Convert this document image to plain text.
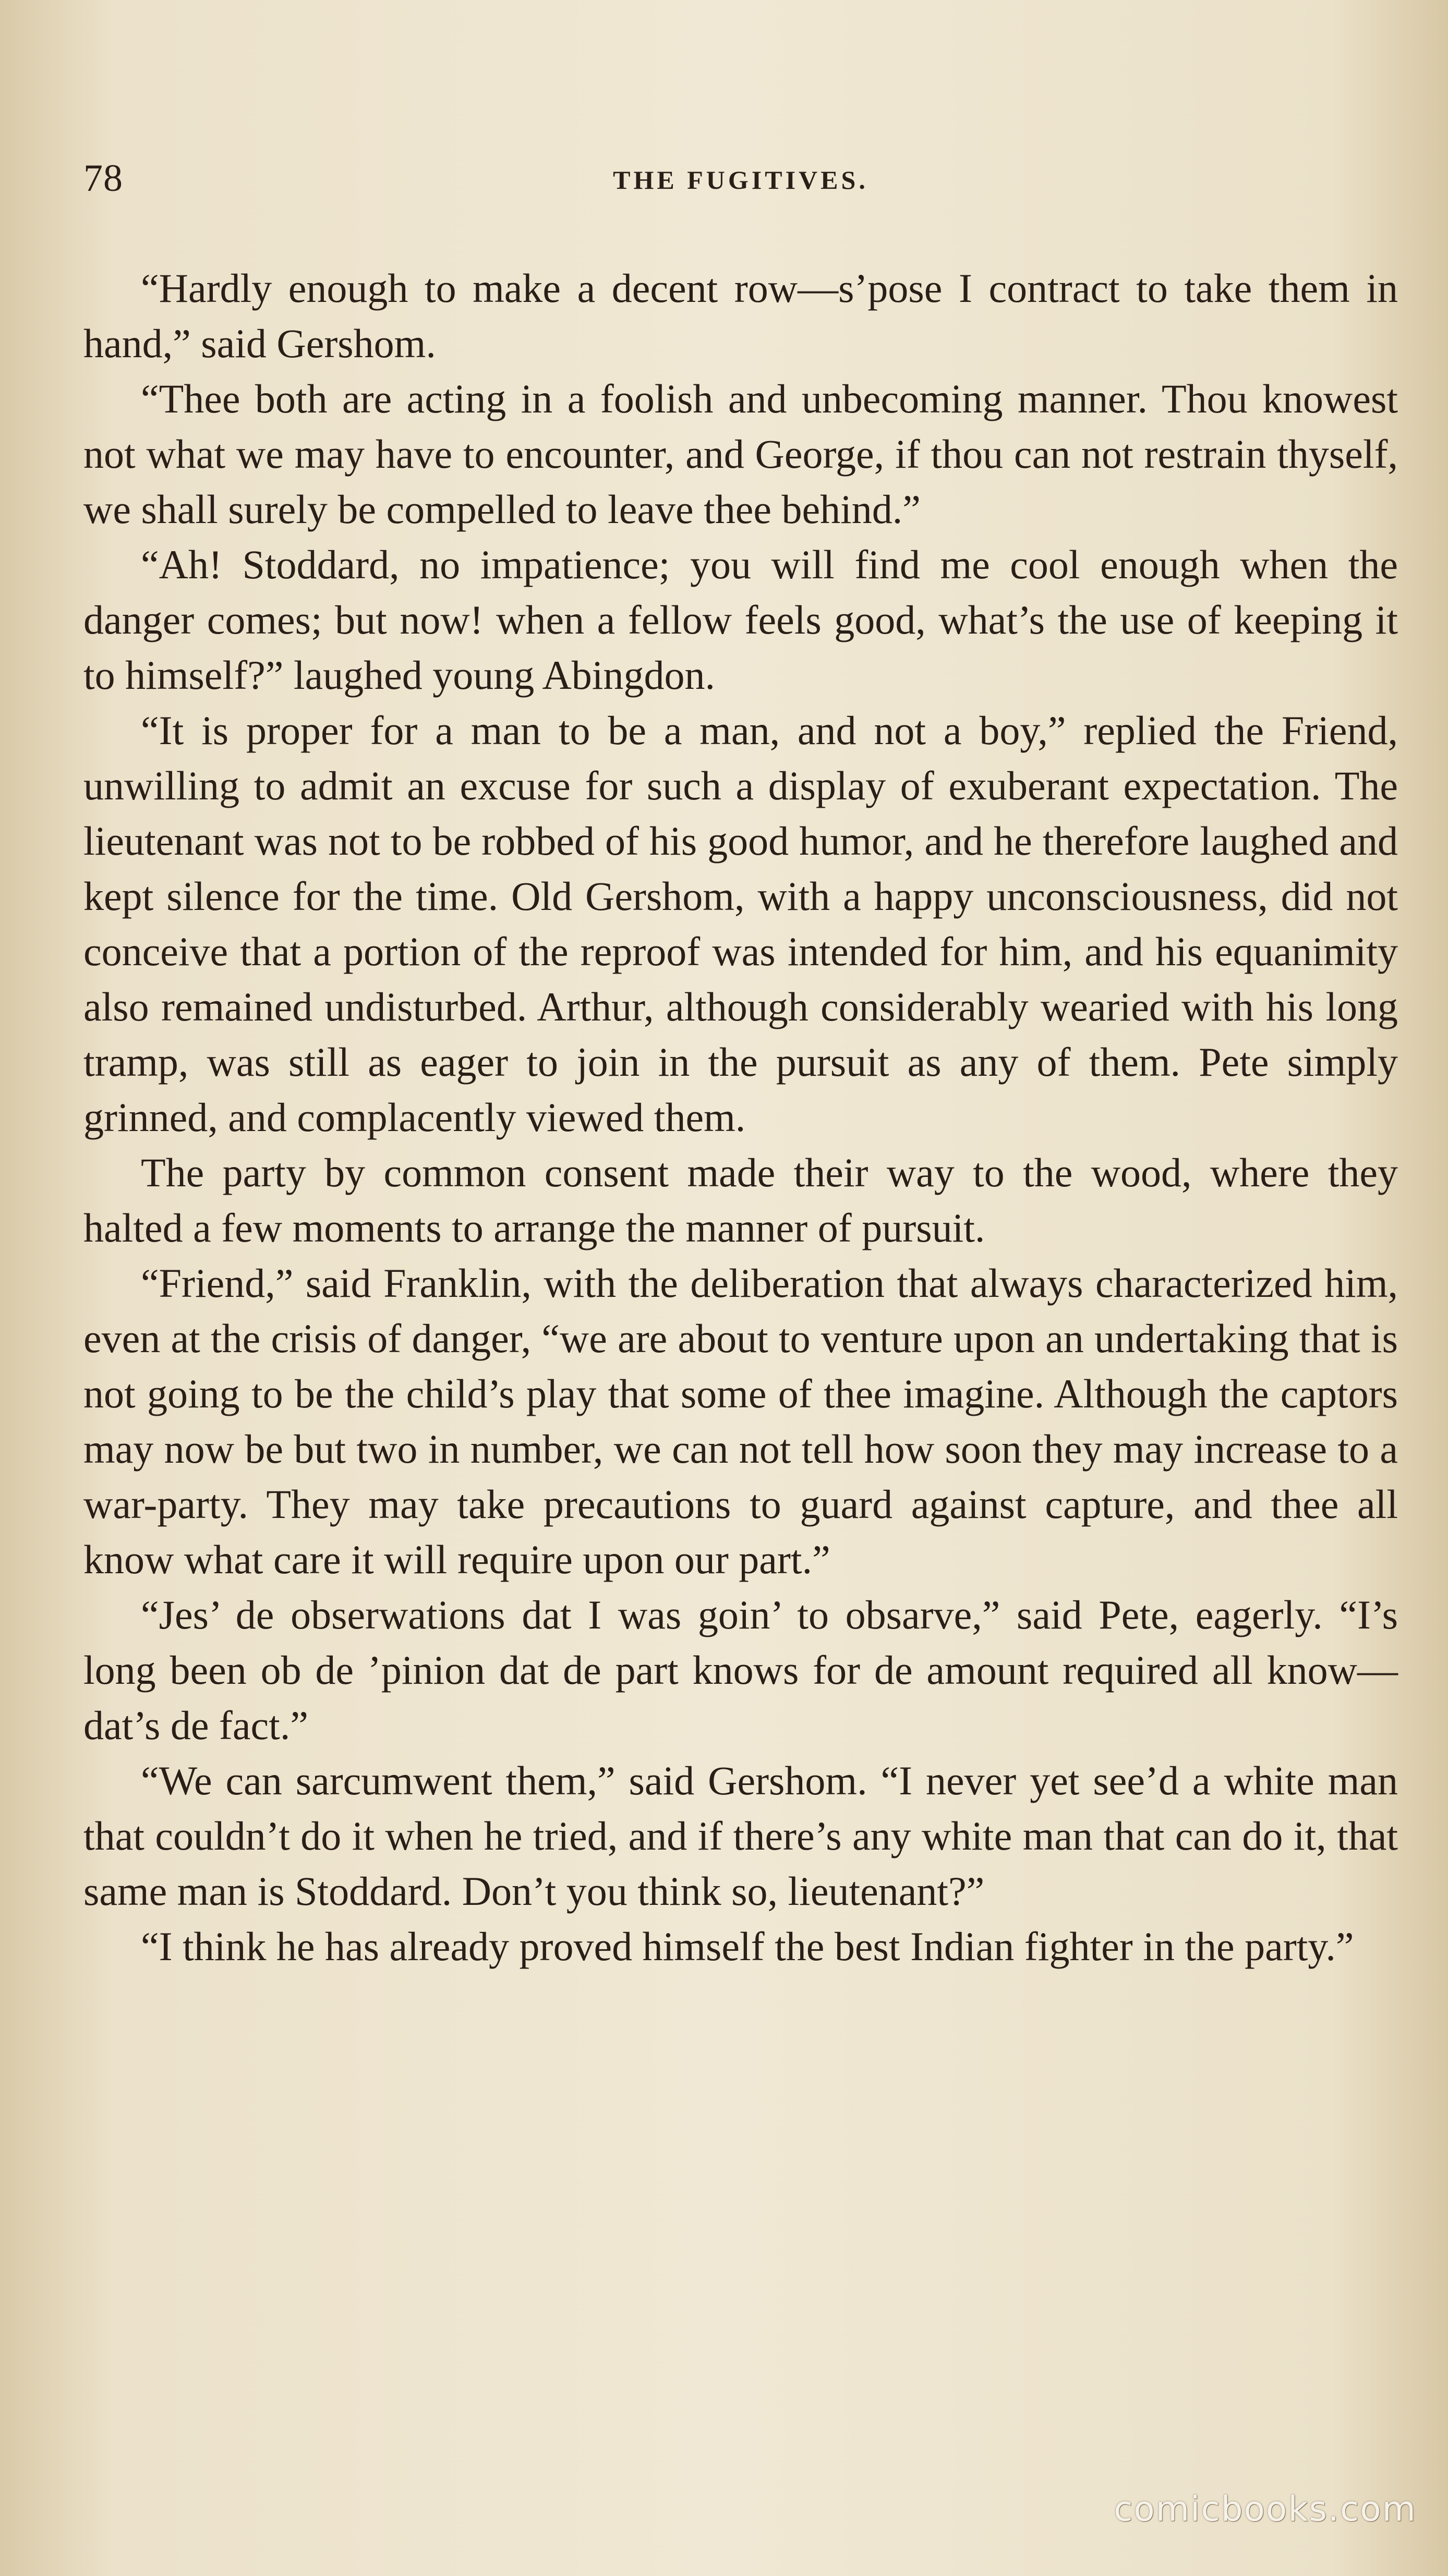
78	THE FUGITIVES.

“Hardly enough to make a decent row—s’pose I contract to take them in hand,” said Gershom.

“Thee both are acting in a foolish and unbecoming manner. Thou knowest not what we may have to encounter, and George, if thou can not restrain thyself, we shall surely be compelled to leave thee behind.”

“Ah! Stoddard, no impatience; you will find me cool enough when the danger comes; but now! when a fellow feels good, what’s the use of keeping it to himself?” laughed young Abingdon.

“It is proper for a man to be a man, and not a boy,” replied the Friend, unwilling to admit an excuse for such a display of exuberant expectation. The lieutenant was not to be robbed of his good humor, and he therefore laughed and kept silence for the time. Old Gershom, with a happy unconsciousness, did not conceive that a portion of the reproof was intended for him, and his equanimity also remained undisturbed. Arthur, although considerably wearied with his long tramp, was still as eager to join in the pursuit as any of them. Pete simply grinned, and complacently viewed them.

The party by common consent made their way to the wood, where they halted a few moments to arrange the manner of pursuit.

“Friend,” said Franklin, with the deliberation that always characterized him, even at the crisis of danger, “we are about to venture upon an undertaking that is not going to be the child’s play that some of thee imagine. Although the captors may now be but two in number, we can not tell how soon they may increase to a war-party. They may take precautions to guard against capture, and thee all know what care it will require upon our part.”

“Jes’ de obserwations dat I was goin’ to obsarve,” said Pete, eagerly. “I’s long been ob de ’pinion dat de part knows for de amount required all know—dat’s de fact.”

“We can sarcumwent them,” said Gershom. “I never yet see’d a white man that couldn’t do it when he tried, and if there’s any white man that can do it, that same man is Stoddard. Don’t you think so, lieutenant?”

“I think he has already proved himself the best Indian fighter in the party.”

comicbooks.com
